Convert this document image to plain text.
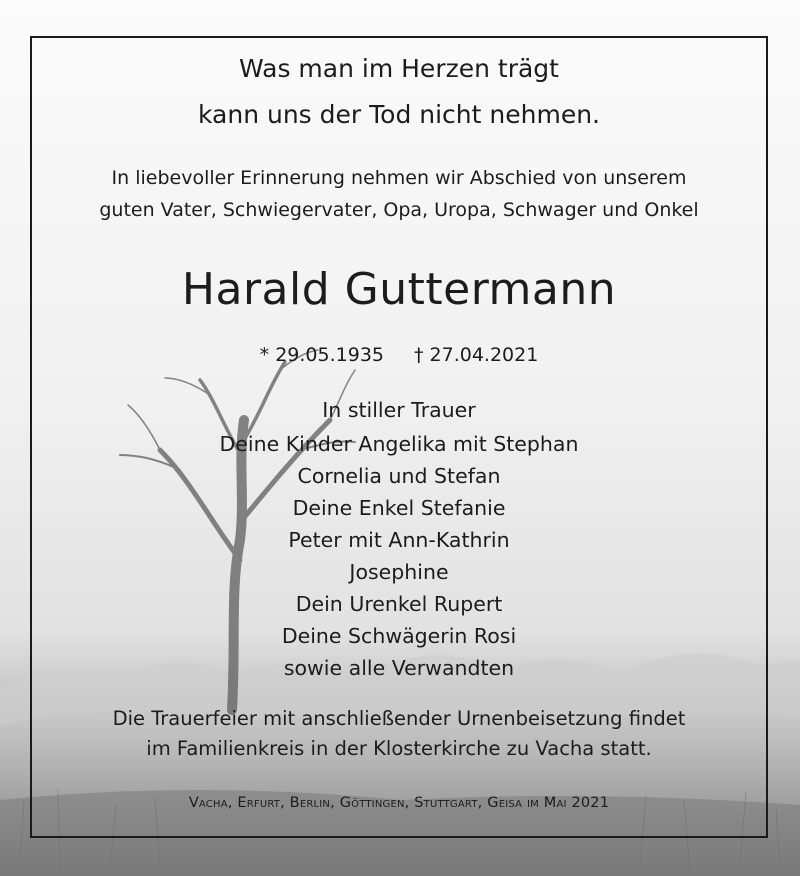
Was man im Herzen trägt
kann uns der Tod nicht nehmen.
In liebevoller Erinnerung nehmen wir Abschied von unserem
guten Vater, Schwiegervater, Opa, Uropa, Schwager und Onkel
Harald Guttermann
* 29.05.1935 † 27.04.2021
In stiller Trauer
Deine Kinder Angelika mit Stephan
Cornelia und Stefan
Deine Enkel Stefanie
Peter mit Ann-Kathrin
Josephine
Dein Urenkel Rupert
Deine Schwägerin Rosi
sowie alle Verwandten
Die Trauerfeier mit anschließender Urnenbeisetzung findet
im Familienkreis in der Klosterkirche zu Vacha statt.
Vacha, Erfurt, Berlin, Göttingen, Stuttgart, Geisa im Mai 2021
